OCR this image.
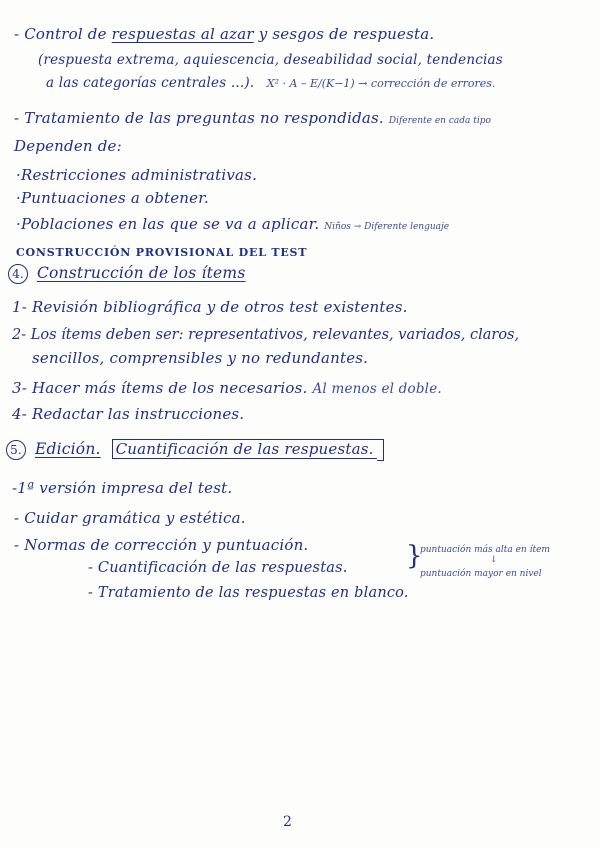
- Control de respuestas al azar y sesgos de respuesta.
(respuesta extrema, aquiescencia, deseabilidad social, tendencias
a las categorías centrales ...). X² · A – E/(K−1) → corrección de errores.
- Tratamiento de las preguntas no respondidas. Diferente en cada tipo
Dependen de:
·Restricciones administrativas.
·Puntuaciones a obtener.
·Poblaciones en las que se va a aplicar. Niños → Diferente lenguaje
CONSTRUCCIÓN PROVISIONAL DEL TEST
4. Construcción de los ítems
1- Revisión bibliográfica y de otros test existentes.
2- Los ítems deben ser: representativos, relevantes, variados, claros,
sencillos, comprensibles y no redundantes.
3- Hacer más ítems de los necesarios. Al menos el doble.
4- Redactar las instrucciones.
5. Edición. Cuantificación de las respuestas.
-1ª versión impresa del test.
- Cuidar gramática y estética.
- Normas de corrección y puntuación.	puntuación más alta en ítem
↓
}
- Cuantificación de las respuestas.	puntuación mayor en nivel
- Tratamiento de las respuestas en blanco.
2
